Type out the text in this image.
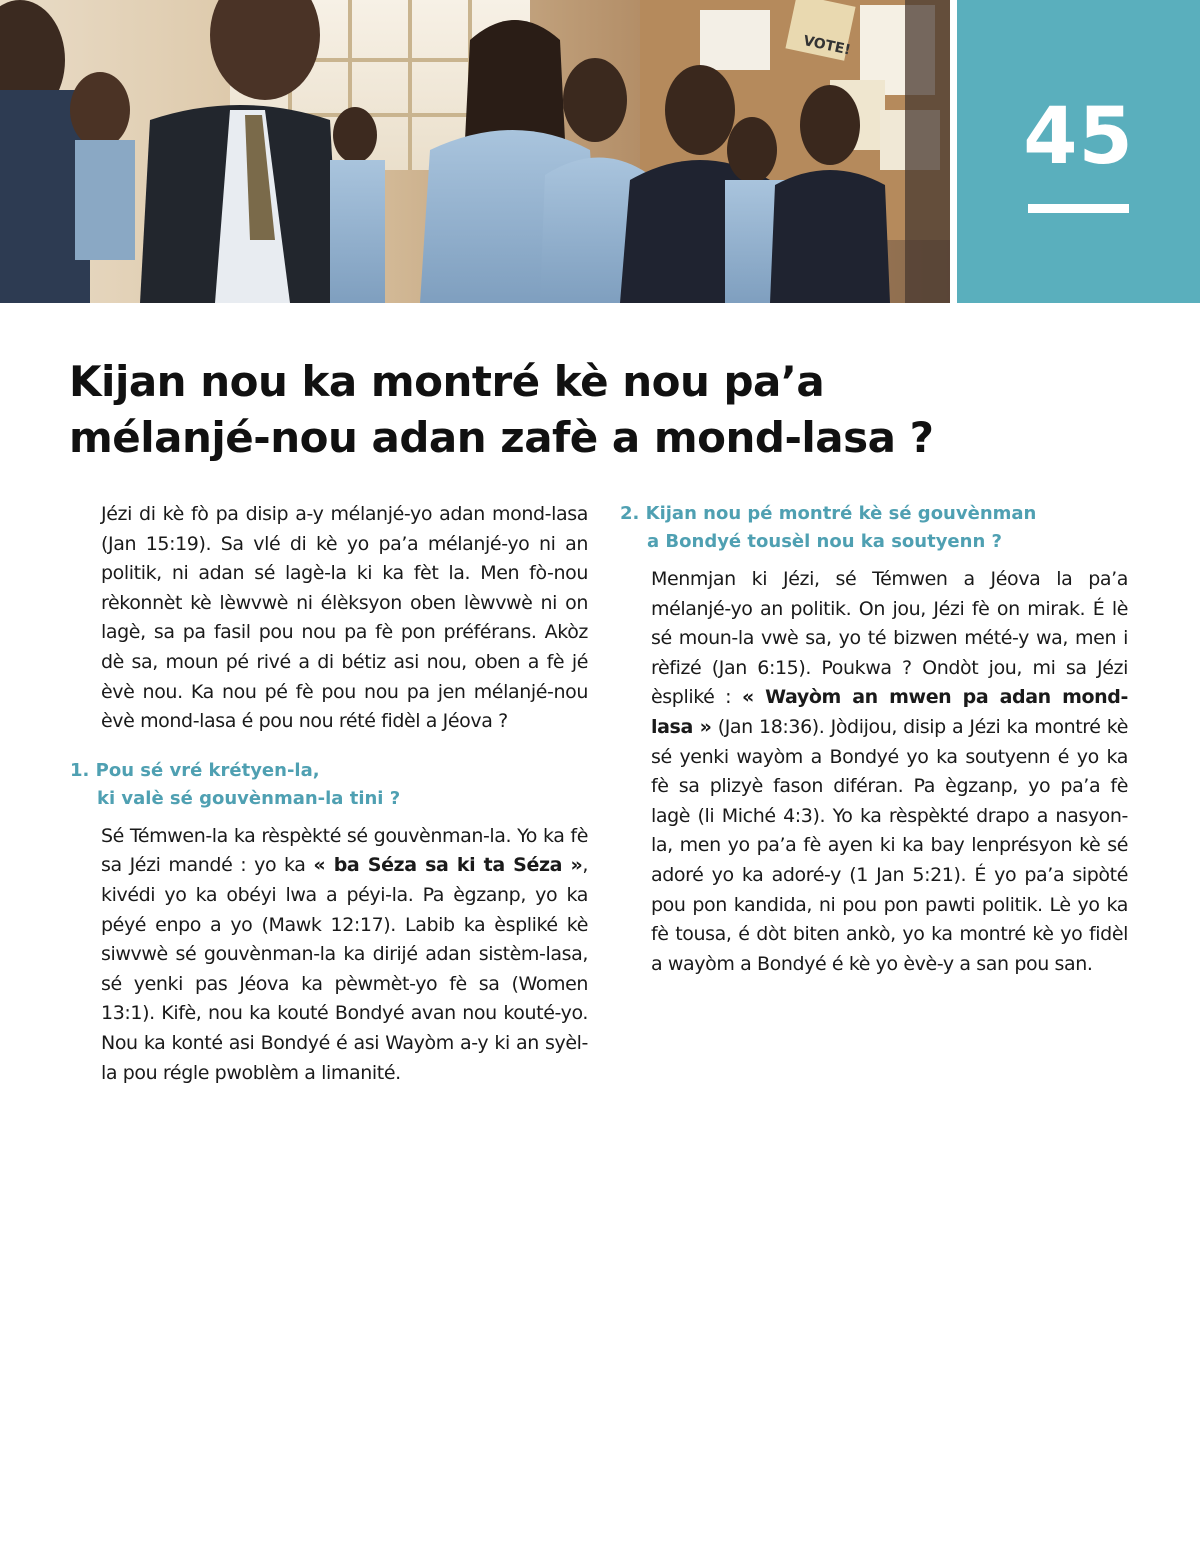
VOTE!
45
Kijan nou ka montré kè nou pa’a
mélanjé-nou adan zafè a mond-lasa ?

Jézi di kè fò pa disip a-y mélanjé-yo adan mond-lasa (Jan 15:19). Sa vlé di kè yo pa’a mélanjé-yo ni an politik, ni adan sé lagè-la ki ka fèt la. Men fò-nou rèkonnèt kè lèwvwè ni élèksyon oben lèwvwè ni on lagè, sa pa fasil pou nou pa fè pon préférans. Akòz dè sa, moun pé rivé a di bétiz asi nou, oben a fè jé èvè nou. Ka nou pé fè pou nou pa jen mélanjé-nou èvè mond-lasa é pou nou rété fidèl a Jéova ?

1. Pou sé vré krétyen-la,
ki valè sé gouvènman-la tini ?

Sé Témwen-la ka rèspèkté sé gouvènman-la. Yo ka fè sa Jézi mandé : yo ka « ba Séza sa ki ta Séza », kivédi yo ka obéyi lwa a péyi-la. Pa ègzanp, yo ka péyé enpo a yo (Mawk 12:17). Labib ka èspliké kè siwvwè sé gouvènman-la ka dirijé adan sistèm-lasa, sé yenki pas Jéova ka pèwmèt-yo fè sa (Women 13:1). Kifè, nou ka kouté Bondyé avan nou kouté-yo. Nou ka konté asi Bondyé é asi Wayòm a-y ki an syèl-la pou régle pwoblèm a limanité.

2. Kijan nou pé montré kè sé gouvènman
a Bondyé tousèl nou ka soutyenn ?

Menmjan ki Jézi, sé Témwen a Jéova la pa’a mélanjé-yo an politik. On jou, Jézi fè on mirak. É lè sé moun-la vwè sa, yo té bizwen mété-y wa, men i rèfizé (Jan 6:15). Poukwa ? Ondòt jou, mi sa Jézi èspliké : « Wayòm an mwen pa adan mond-lasa » (Jan 18:36). Jòdijou, disip a Jézi ka montré kè sé yenki wayòm a Bondyé yo ka soutyenn é yo ka fè sa plizyè fason diféran. Pa ègzanp, yo pa’a fè lagè (li Miché 4:3). Yo ka rèspèkté drapo a nasyon-la, men yo pa’a fè ayen ki ka bay lenprésyon kè sé adoré yo ka adoré-y (1 Jan 5:21). É yo pa’a sipòté pou pon kandida, ni pou pon pawti politik. Lè yo ka fè tousa, é dòt biten ankò, yo ka montré kè yo fidèl a wayòm a Bondyé é kè yo èvè-y a san pou san.
